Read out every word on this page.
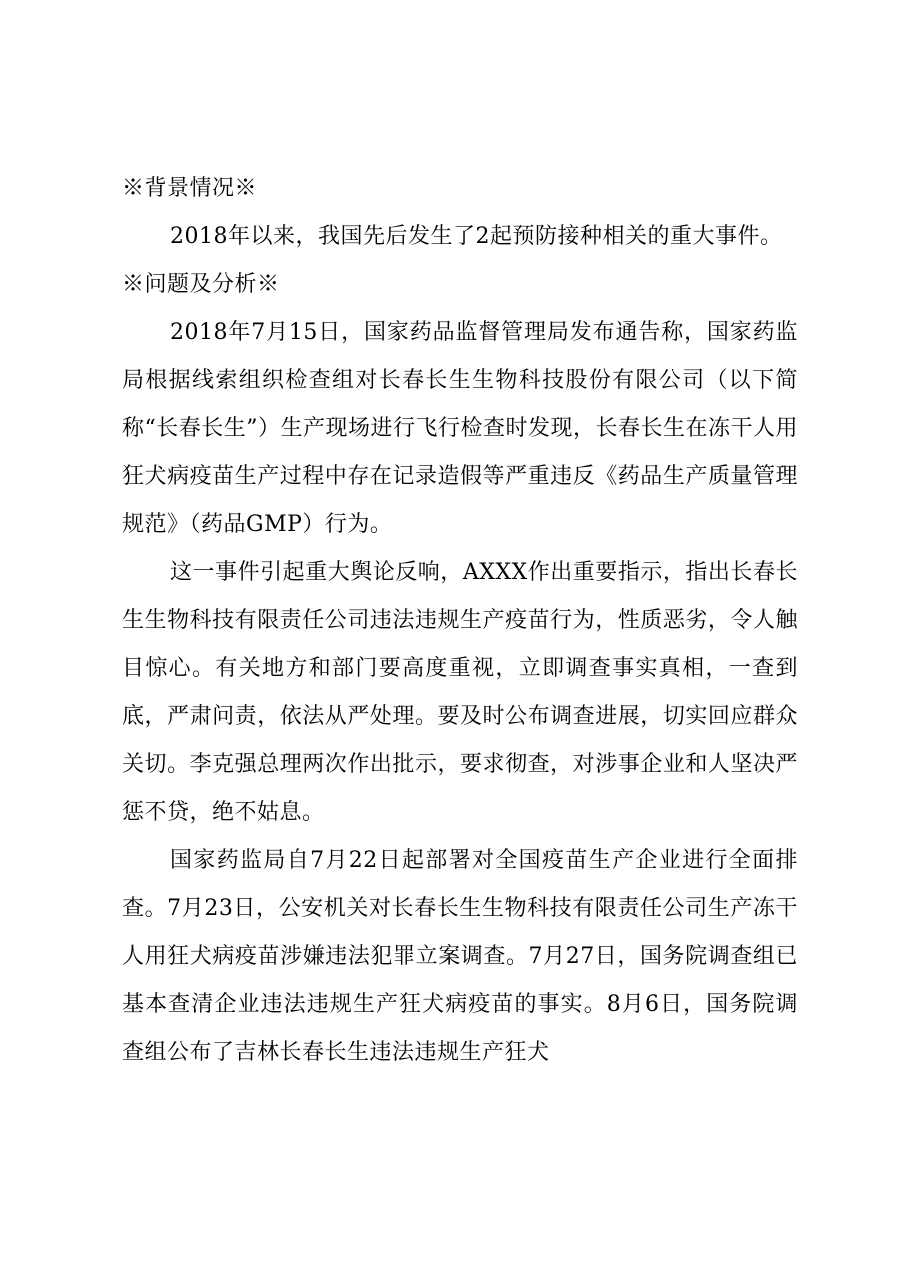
※背景情况※

2018年以来，我国先后发生了2起预防接种相关的重大事件。

※问题及分析※

2018年7月15日，国家药品监督管理局发布通告称，国家药监局根据线索组织检查组对长春长生生物科技股份有限公司（以下简称“长春长生”）生产现场进行飞行检查时发现，长春长生在冻干人用狂犬病疫苗生产过程中存在记录造假等严重违反《药品生产质量管理规范》（药品GMP）行为。

这一事件引起重大舆论反响，AXXX作出重要指示，指出长春长生生物科技有限责任公司违法违规生产疫苗行为，性质恶劣，令人触目惊心。有关地方和部门要高度重视，立即调查事实真相，一查到底，严肃问责，依法从严处理。要及时公布调查进展，切实回应群众关切。李克强总理两次作出批示，要求彻查，对涉事企业和人坚决严惩不贷，绝不姑息。

国家药监局自7月22日起部署对全国疫苗生产企业进行全面排查。7月23日，公安机关对长春长生生物科技有限责任公司生产冻干人用狂犬病疫苗涉嫌违法犯罪立案调查。7月27日，国务院调查组已基本查清企业违法违规生产狂犬病疫苗的事实。8月6日，国务院调查组公布了吉林长春长生违法违规生产狂犬
